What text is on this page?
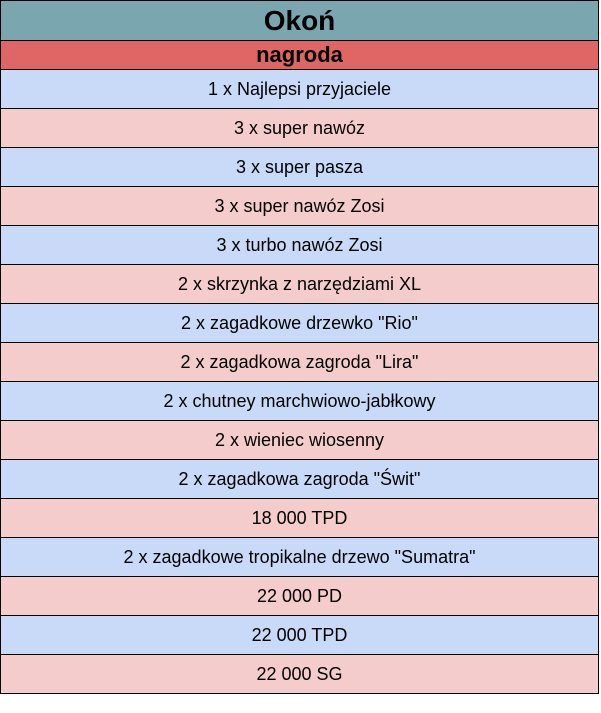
Okoń
nagroda
1 x Najlepsi przyjaciele
3 x super nawóz
3 x super pasza
3 x super nawóz Zosi
3 x turbo nawóz Zosi
2 x skrzynka z narzędziami XL
2 x zagadkowe drzewko "Rio"
2 x zagadkowa zagroda "Lira"
2 x chutney marchwiowo-jabłkowy
2 x wieniec wiosenny
2 x zagadkowa zagroda "Świt"
18 000 TPD
2 x zagadkowe tropikalne drzewo "Sumatra"
22 000 PD
22 000 TPD
22 000 SG
